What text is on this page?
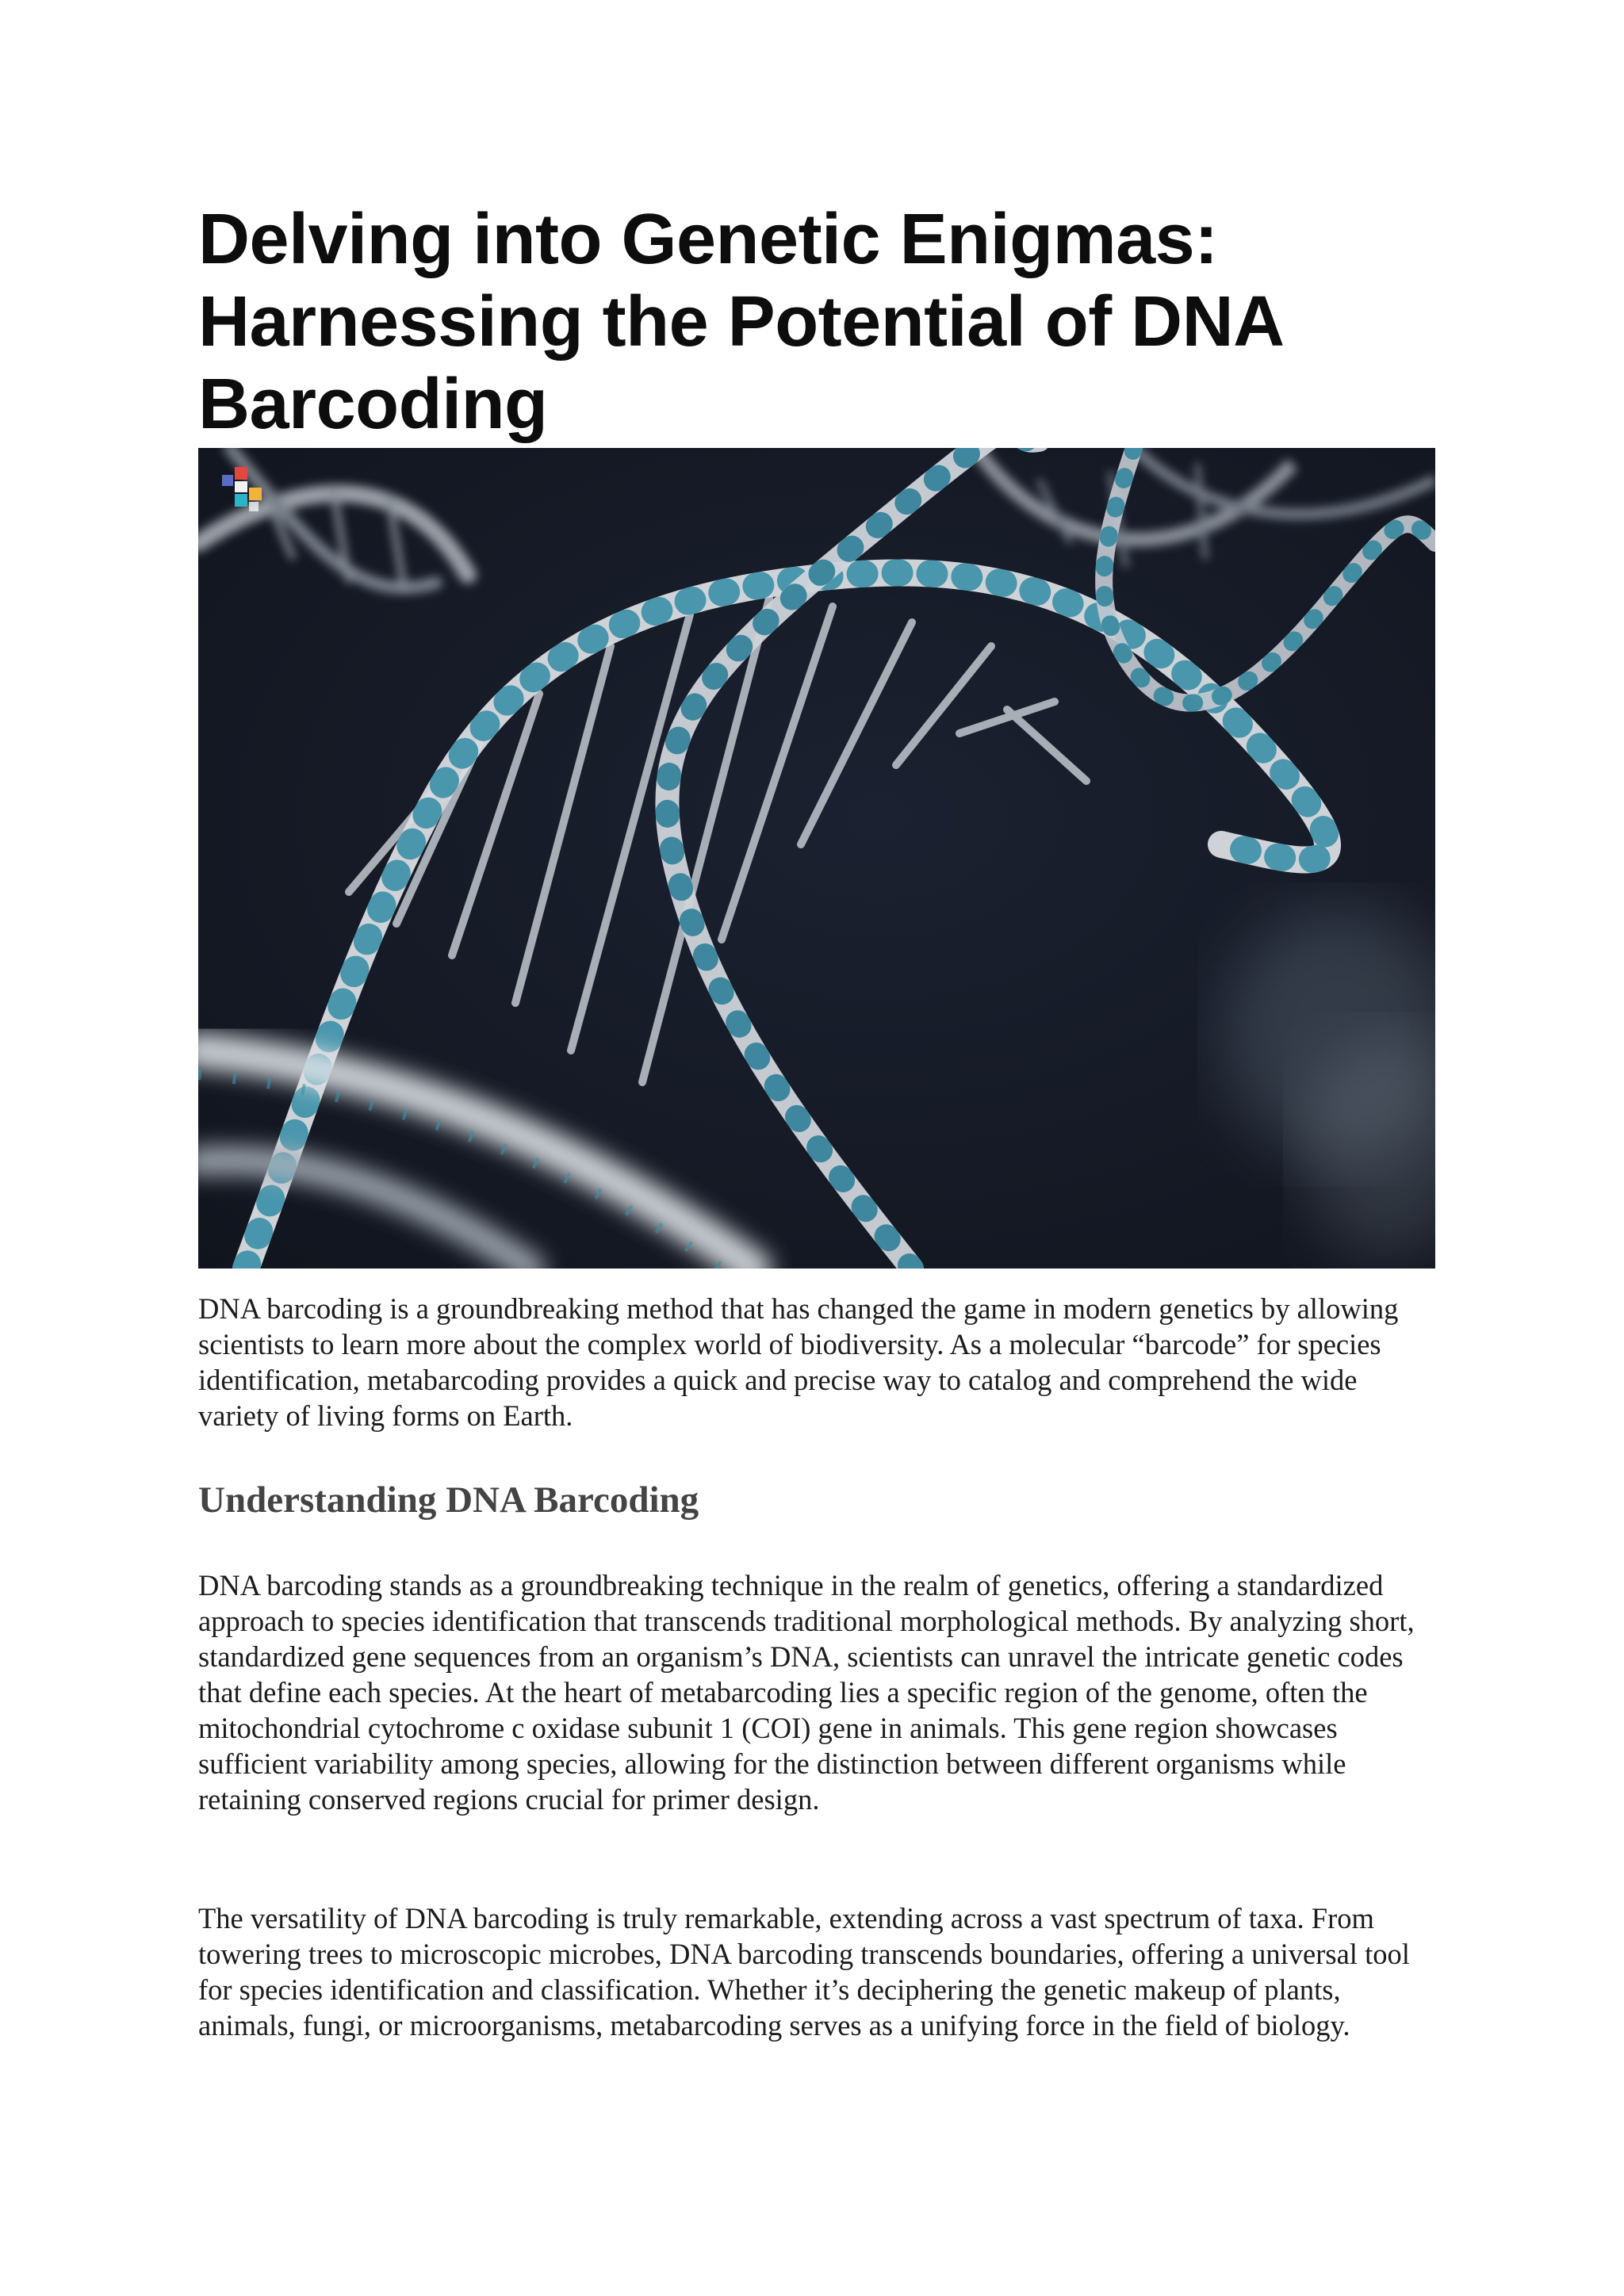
Delving into Genetic Enigmas: Harnessing the Potential of DNA Barcoding

DNA barcoding is a groundbreaking method that has changed the game in modern genetics by allowing scientists to learn more about the complex world of biodiversity. As a molecular “barcode” for species identification, metabarcoding provides a quick and precise way to catalog and comprehend the wide variety of living forms on Earth.

Understanding DNA Barcoding

DNA barcoding stands as a groundbreaking technique in the realm of genetics, offering a standardized approach to species identification that transcends traditional morphological methods. By analyzing short, standardized gene sequences from an organism’s DNA, scientists can unravel the intricate genetic codes that define each species. At the heart of metabarcoding lies a specific region of the genome, often the mitochondrial cytochrome c oxidase subunit 1 (COI) gene in animals. This gene region showcases sufficient variability among species, allowing for the distinction between different organisms while retaining conserved regions crucial for primer design.

The versatility of DNA barcoding is truly remarkable, extending across a vast spectrum of taxa. From towering trees to microscopic microbes, DNA barcoding transcends boundaries, offering a universal tool for species identification and classification. Whether it’s deciphering the genetic makeup of plants, animals, fungi, or microorganisms, metabarcoding serves as a unifying force in the field of biology.
